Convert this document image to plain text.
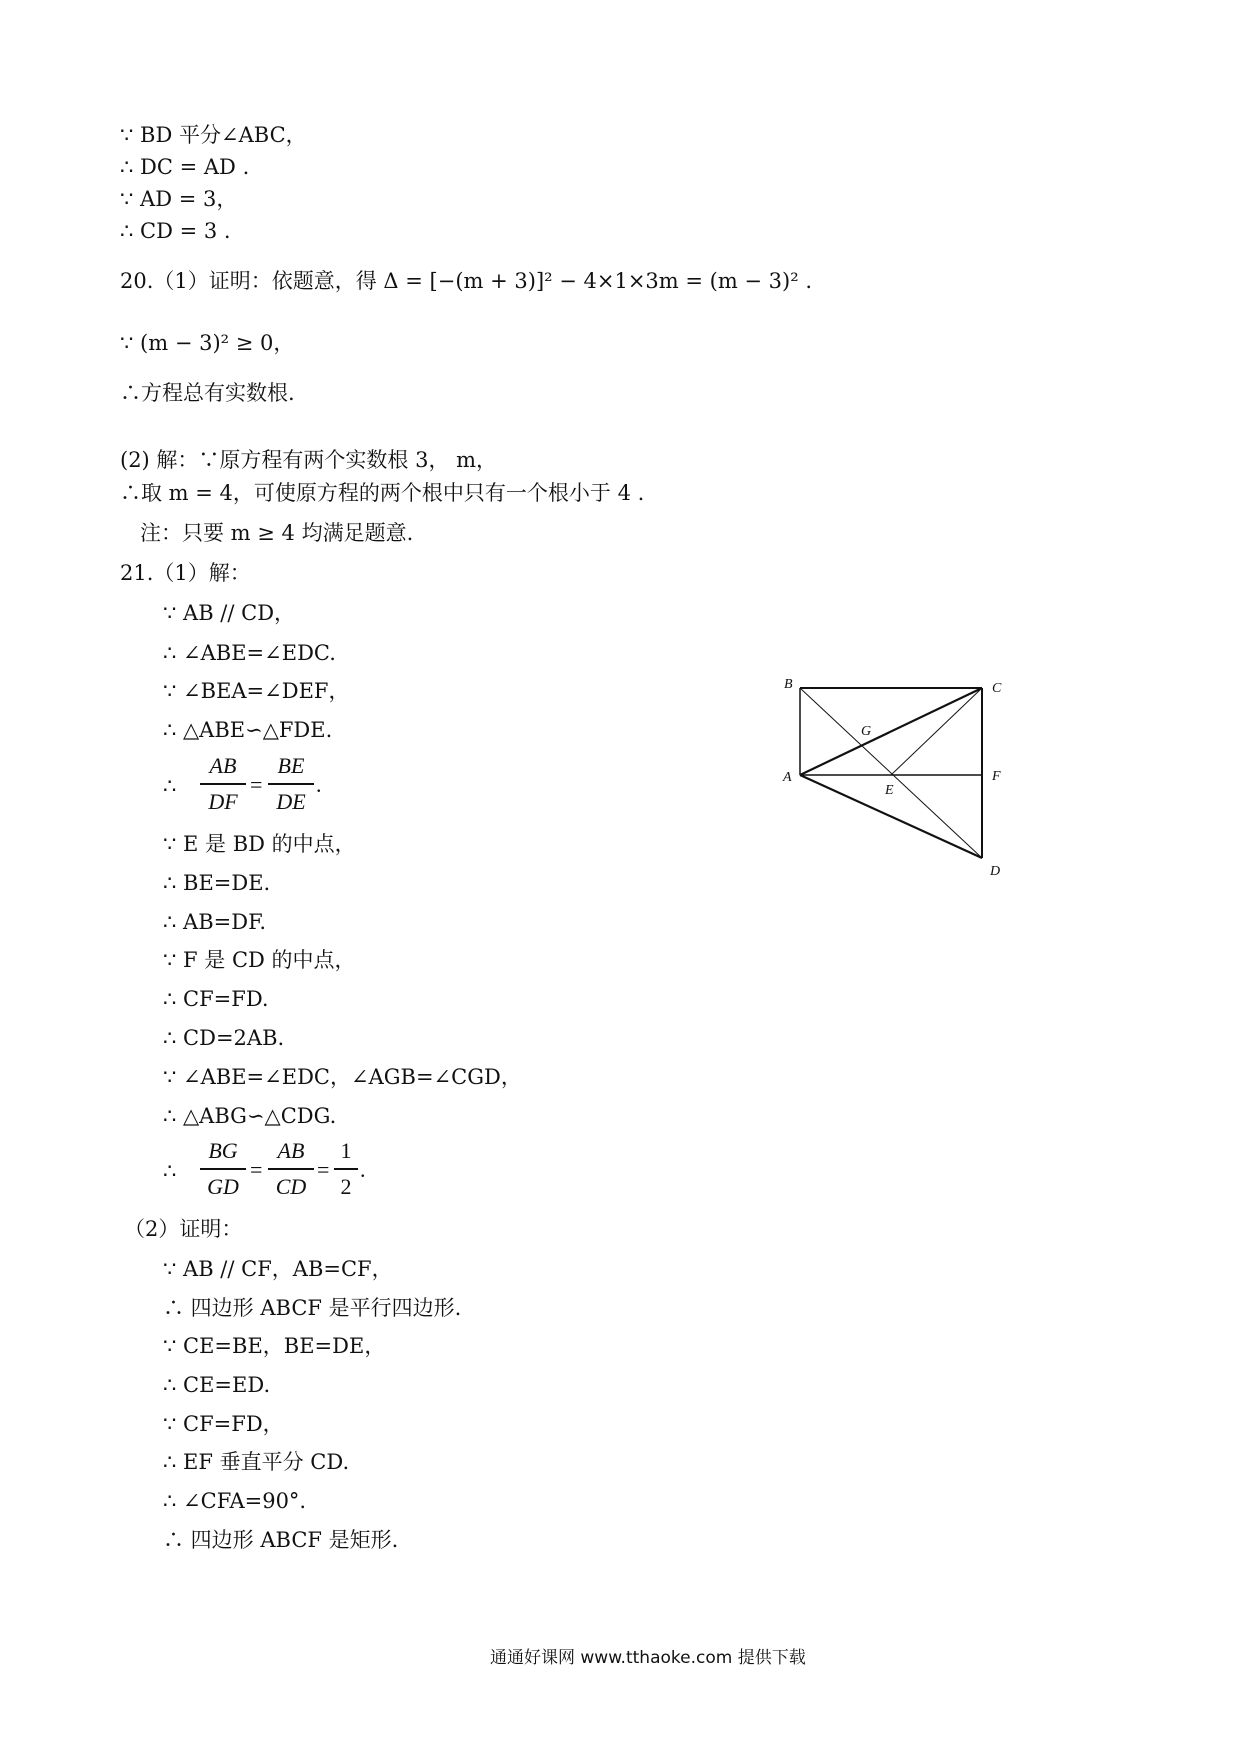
∵ BD 平分∠ABC，
∴ DC = AD .
∵ AD = 3，
∴ CD = 3 .
20.（1）证明：依题意，得 Δ = [−(m + 3)]² − 4×1×3m = (m − 3)² .
∵ (m − 3)² ≥ 0，
∴方程总有实数根.
(2) 解：∵原方程有两个实数根 3， m，
∴取 m = 4，可使原方程的两个根中只有一个根小于 4 .
注：只要 m ≥ 4 均满足题意.
21.（1）解：
∵ AB // CD，
∴ ∠ABE=∠EDC.
∵ ∠BEA=∠DEF，
∴ △ABE∽△FDE.
∴
AB
DF
=
BE
DE
.
∵ E 是 BD 的中点，
∴ BE=DE.
∴ AB=DF.
∵ F 是 CD 的中点，
∴ CF=FD.
∴ CD=2AB.
∵ ∠ABE=∠EDC，∠AGB=∠CGD，
∴ △ABG∽△CDG.
∴
BG
GD
=
AB
CD
=
1
2
.
（2）证明：
∵ AB // CF，AB=CF，
∴ 四边形 ABCF 是平行四边形.
∵ CE=BE，BE=DE，
∴ CE=ED.
∵ CF=FD，
∴ EF 垂直平分 CD.
∴ ∠CFA=90°.
∴ 四边形 ABCF 是矩形.
B	C
G
A
E
F
D
通通好课网 www.tthaoke.com 提供下载
